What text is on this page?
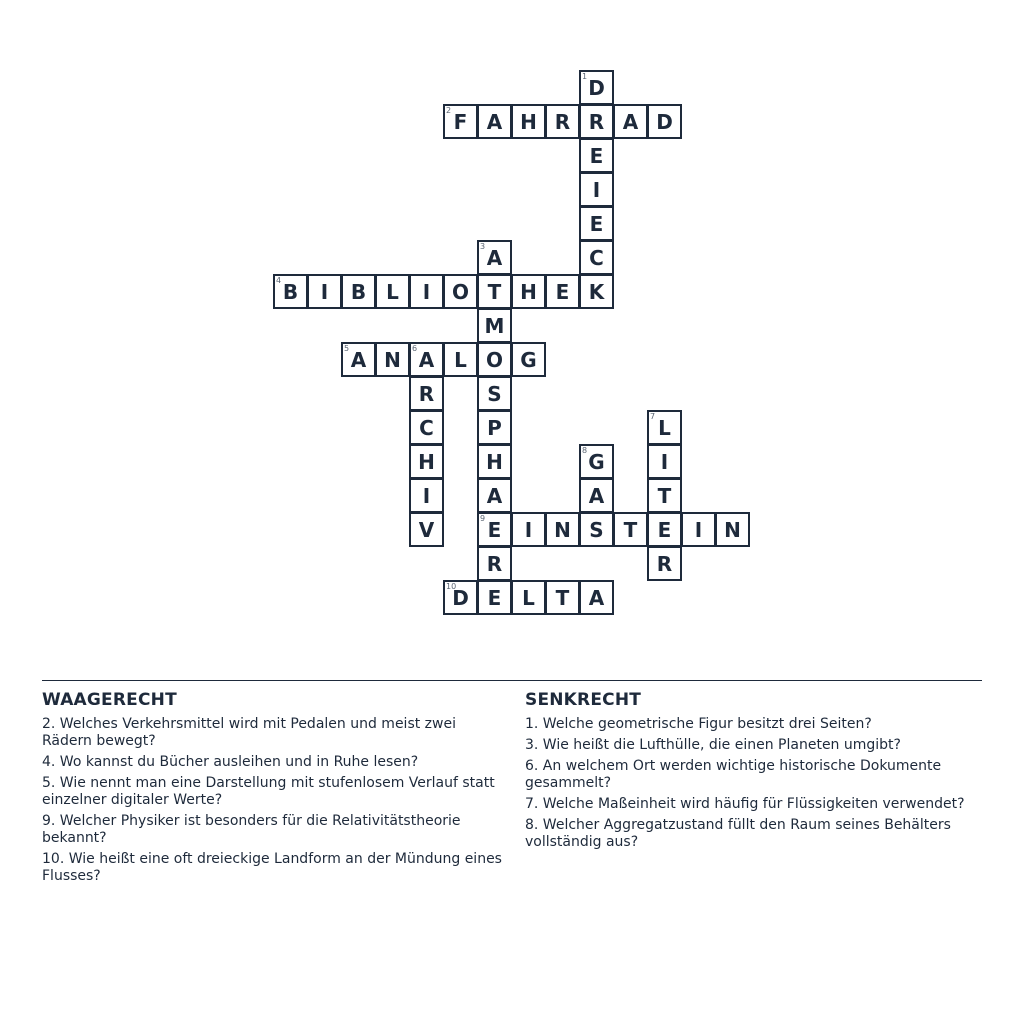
D
R
E
I
E
C
K
F A H R	A D
A
T
M
O
S
P
H
A
E
R
E
B	I	B	L	I	O	H E
A N A L	G
R
C
H
I
V
L
I
T
E
R
G
A
S
I	N	T	I	N
D	L	T A
1
2
3
4
5	6
7
8
9
10
WAAGERECHT

2. Welches Verkehrsmittel wird mit Pedalen und meist zwei Rädern bewegt?

4. Wo kannst du Bücher ausleihen und in Ruhe lesen?

5. Wie nennt man eine Darstellung mit stufenlosem Verlauf statt einzelner digitaler Werte?

9. Welcher Physiker ist besonders für die Relativitätstheorie bekannt?

10. Wie heißt eine oft dreieckige Landform an der Mündung eines Flusses?

SENKRECHT

1. Welche geometrische Figur besitzt drei Seiten?

3. Wie heißt die Lufthülle, die einen Planeten umgibt?

6. An welchem Ort werden wichtige historische Dokumente gesammelt?

7. Welche Maßeinheit wird häufig für Flüssigkeiten verwendet?

8. Welcher Aggregatzustand füllt den Raum seines Behälters vollständig aus?
